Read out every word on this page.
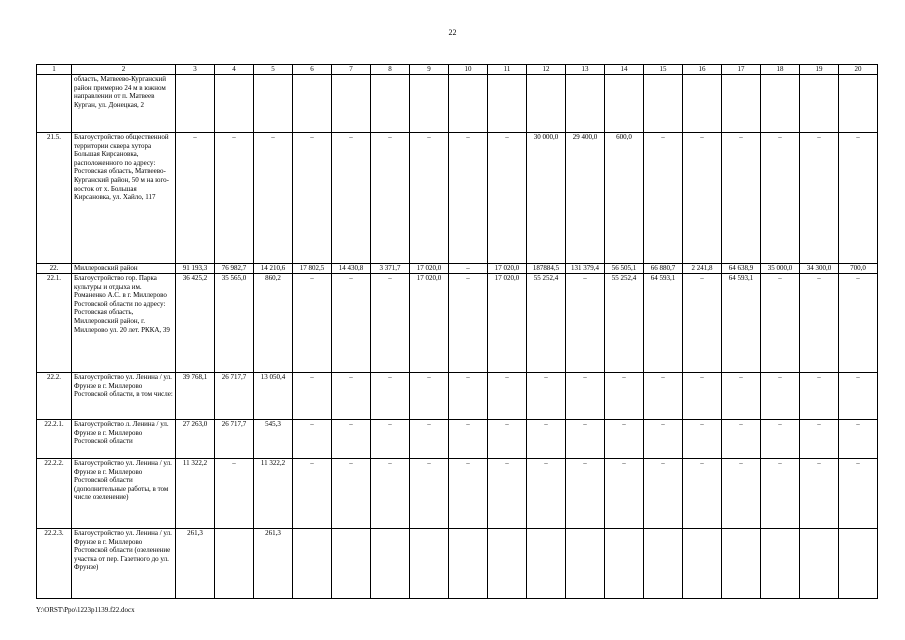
22
1	2	3	4	5	6	7	8	9	10	11	12	13	14	15	16	17	18	19	20
	область, Матвеево-Курганский район примерно 24 м в южном направлении от п. Матвеев Курган, ул. Донецкая, 2																		
21.5.	Благоустройство общественной территории сквера хутора Большая Кирсановка, расположенного по адресу: Ростовская область, Матвеево-Курганский район, 50 м на юго-восток от х. Большая Кирсановка, ул. Хайло, 117	–	–	–	–	–	–	–	–	–	30 000,0	29 400,0	600,0	–	–	–	–	–	–
22.	Миллеровский район	91 193,3	76 982,7	14 210,6	17 802,5	14 430,8	3 371,7	17 020,0	–	17 020,0	187884,5	131 379,4	56 505,1	66 880,7	2 241,8	64 638,9	35 000,0	34 300,0	700,0
22.1.	Благоустройство гор. Парка культуры и отдыха им. Романенко А.С. в г. Миллерово Ростовской области по адресу: Ростовская область, Миллеровский район, г. Миллерово ул. 20 лет. РККА, 39	36 425,2	35 565,0	860,2	–	–	–	17 020,0	–	17 020,0	55 252,4	–	55 252,4	64 593,1	–	64 593,1	–	–	–
22.2.	Благоустройство ул. Ленина / ул. Фрунзе в г. Миллерово Ростовской области, в том числе:	39 768,1	26 717,7	13 050,4	–	–	–	–	–	–	–	–	–	–	–	–	–	–	–
22.2.1.	Благоустройство л. Ленина / ул. Фрунзе в г. Миллерово Ростовской области	27 263,0	26 717,7	545,3	–	–	–	–	–	–	–	–	–	–	–	–	–	–	–
22.2.2.	Благоустройство ул. Ленина / ул. Фрунзе в г. Миллерово Ростовской области (дополнительные работы, в том числе озеленение)	11 322,2	–	11 322,2	–	–	–	–	–	–	–	–	–	–	–	–	–	–	–
22.2.3.	Благоустройство ул. Ленина / ул. Фрунзе в г. Миллерово Ростовской области (озеленение участка от пер. Газетного до ул. Фрунзе)	261,3		261,3															
Y:\ORST\Ppo\1223p1139.f22.docx
